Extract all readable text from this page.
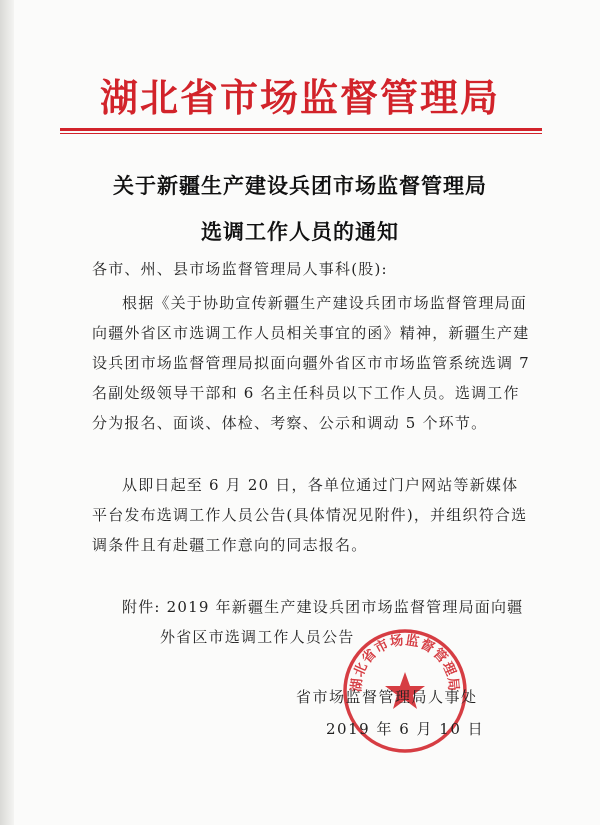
湖北省市场监督管理局
关于新疆生产建设兵团市场监督管理局
选调工作人员的通知
各市、州、县市场监督管理局人事科(股):
根据《关于协助宣传新疆生产建设兵团市场监督管理局面向疆外省区市选调工作人员相关事宜的函》精神，新疆生产建设兵团市场监督管理局拟面向疆外省区市市场监管系统选调 7 名副处级领导干部和 6 名主任科员以下工作人员。选调工作分为报名、面谈、体检、考察、公示和调动 5 个环节。
从即日起至 6 月 20 日，各单位通过门户网站等新媒体平台发布选调工作人员公告(具体情况见附件)，并组织符合选调条件且有赴疆工作意向的同志报名。
附件: 2019 年新疆生产建设兵团市场监督管理局面向疆
外省区市选调工作人员公告
湖北省市场监督管理局
省市场监督管理局人事处
2019 年 6 月 10 日
